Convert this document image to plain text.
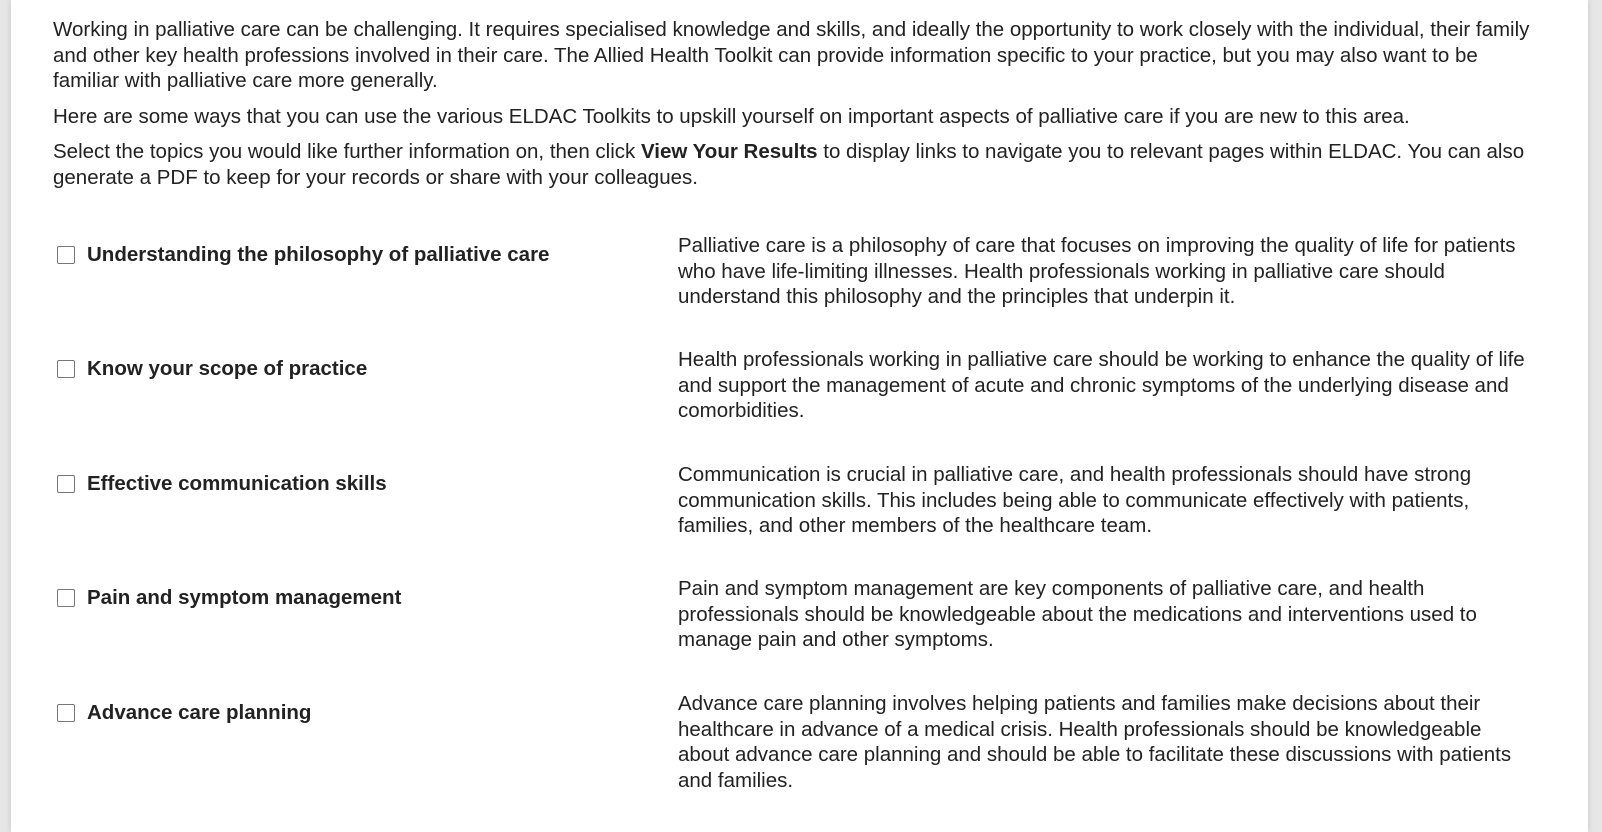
Working in palliative care can be challenging. It requires specialised knowledge and skills, and ideally the opportunity to work closely with the individual, their family and other key health professions involved in their care. The Allied Health Toolkit can provide information specific to your practice, but you may also want to be familiar with palliative care more generally.

Here are some ways that you can use the various ELDAC Toolkits to upskill yourself on important aspects of palliative care if you are new to this area.

Select the topics you would like further information on, then click View Your Results to display links to navigate you to relevant pages within ELDAC. You can also generate a PDF to keep for your records or share with your colleagues.

Understanding the philosophy of palliative care	Palliative care is a philosophy of care that focuses on improving the quality of life for patients who have life-limiting illnesses. Health professionals working in palliative care should understand this philosophy and the principles that underpin it.
Know your scope of practice	Health professionals working in palliative care should be working to enhance the quality of life and support the management of acute and chronic symptoms of the underlying disease and comorbidities.
Effective communication skills	Communication is crucial in palliative care, and health professionals should have strong communication skills. This includes being able to communicate effectively with patients, families, and other members of the healthcare team.
Pain and symptom management	Pain and symptom management are key components of palliative care, and health professionals should be knowledgeable about the medications and interventions used to manage pain and other symptoms.
Advance care planning	Advance care planning involves helping patients and families make decisions about their healthcare in advance of a medical crisis. Health professionals should be knowledgeable about advance care planning and should be able to facilitate these discussions with patients and families.
